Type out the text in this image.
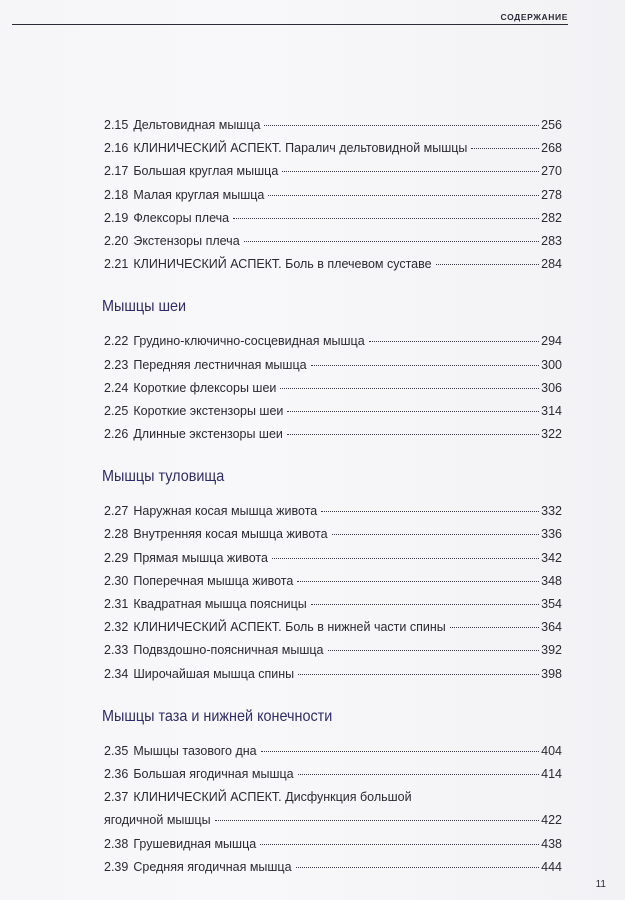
СОДЕРЖАНИЕ
2.15 Дельтовидная мышца	256
2.16 КЛИНИЧЕСКИЙ АСПЕКТ. Паралич дельтовидной мышцы	268
2.17 Большая круглая мышца	270
2.18 Малая круглая мышца	278
2.19 Флексоры плеча	282
2.20 Экстензоры плеча	283
2.21 КЛИНИЧЕСКИЙ АСПЕКТ. Боль в плечевом суставе	284
Мышцы шеи
2.22 Грудино-ключично-сосцевидная мышца	294
2.23 Передняя лестничная мышца	300
2.24 Короткие флексоры шеи	306
2.25 Короткие экстензоры шеи	314
2.26 Длинные экстензоры шеи	322
Мышцы туловища
2.27 Наружная косая мышца живота	332
2.28 Внутренняя косая мышца живота	336
2.29 Прямая мышца живота	342
2.30 Поперечная мышца живота	348
2.31 Квадратная мышца поясницы	354
2.32 КЛИНИЧЕСКИЙ АСПЕКТ. Боль в нижней части спины	364
2.33 Подвздошно-поясничная мышца	392
2.34 Широчайшая мышца спины	398
Мышцы таза и нижней конечности
2.35 Мышцы тазового дна	404
2.36 Большая ягодичная мышца	414
2.37 КЛИНИЧЕСКИЙ АСПЕКТ. Дисфункция большой
ягодичной мышцы	422
2.38 Грушевидная мышца	438
2.39 Средняя ягодичная мышца	444
11
